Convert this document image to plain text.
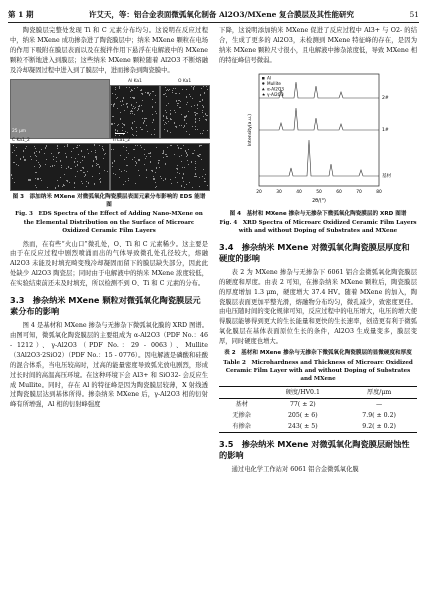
第 1 期	许艾天，等：铝合金表面微弧氧化制备 Al2O3/MXene 复合膜层及其性能研究	51

陶瓷膜层完整处发现 Ti 和 C 元素分布均匀。这说明在反应过程中，纳米 MXene 成功掺杂进了陶瓷膜层中；纳米 MXene 颗粒在电场的作用下吸附在膜层表面以及在搅拌作用下悬浮在电解液中的 MXene 颗粒不断地进入到膜层；这些纳米 MXene 颗粒随着 Al2O3 不断熔融及冷却凝固过程中进入到了膜层中，进而掺杂到陶瓷膜中。

Al Ka1	O Ka1
C Ka1_2	Ti La1_2
25 μm
图 3　添加纳米 MXene 对微弧氧化陶瓷膜层表面元素分布影响的 EDS 能谱图
Fig. 3　EDS Spectra of the Effect of Adding Nano-MXene on the Elemental Distribution on the Surface of Microarc Oxidized Ceramic Film Layers

然而，在有些“火山口”微孔处，O、Ti 和 C 元素稀少。这主要是由于在反应过程中剧烈喷涌而出的气体导致微孔处孔径较大，熔融 Al2O3 未能及时填充畸变残冷却凝固而留下的膜层缺失部分，因此此处缺少 Al2O3 陶瓷层；同时由于电解液中的纳米 MXene 浓度较低，在实验结束前还未及时填充，所以检测不到 O、Ti 和 C 元素的分布。

3.3　掺杂纳米 MXene 颗粒对微弧氧化陶瓷膜层元素分布的影响

图 4 是基材和 MXene 掺杂与无掺杂下微弧氧化膜的 XRD 图谱。由图可知，微弧氧化陶瓷膜层的主要组成为 α-Al2O3（PDF No.：46 - 1212）、γ-Al2O3（PDF No.：29 - 0063）、Mullite（3Al2O3·2SiO2）（PDF No.：15 - 0776）。因电解液是磷酸和硅酸的混合体系，当电压较高时，过高的能量密度导致弧光放电剧烈，形成过长时间的高温高压环境。在这种环境下会 Al3+ 和 SiO32- 会反应生成 Mullite。同时，存在 Al 的特征峰是因为陶瓷膜层较薄，X 射线透过陶瓷膜层达到基体所得。掺杂纳米 MXene 后，γ-Al2O3 相的衍射峰有所增强，Al 相的衍射峰强度

下降，这说明添加纳米 MXene 促进了反应过程中 Al3+ 与 O2- 的结合，生成了更多的 Al2O3，未检测到 MXene 特征峰的存在，是因为纳米 MXene 颗粒尺寸很小，且电解液中掺杂浓度低，导致 MXene 相的特征峰信号微弱。

Al
Mullite
α-Al2O3
★ γ-Al2O3
2#
1#
基材
Intensity(a.u.)
20	30	40	50	60	70	80
2θ/(°)
图 4　基材和 MXene 掺杂与无掺杂下微弧氧化陶瓷膜层的 XRD 图谱
Fig. 4　XRD Spectra of Microarc Oxidized Ceramic Film Layers with and without Doping of Substrates and MXene
3.4　掺杂纳米 MXene 对微弧氧化陶瓷膜层厚度和硬度的影响

表 2 为 MXene 掺杂与无掺杂下 6061 铝合金微弧氧化陶瓷膜层的硬度和厚度。由表 2 可知，在掺杂纳米 MXene 颗粒后，陶瓷膜层的厚度增加 1.3 μm，硬度增大 37.4 HV。随着 MXene 的加入，陶瓷膜层表面更加平整光滑，熔融物分布均匀，微孔减少，致密度更佳。由电压随时间的变化规律可知，反应过程中的电压增大，电压的增大使得膜层能够得到更大的生长能量和更快的生长速率，创造更有利于微弧氧化膜层在基体表面原位生长的条件，Al2O3 生成量变多，膜层变厚，同时硬度也增大。

表 2　基材和 MXene 掺杂与无掺杂下微弧氧化陶瓷膜层的显微硬度和厚度
Table 2　Microhardness and Thickness of Microarc Oxidized Ceramic Film Layer with and without Doping of Substrates and MXene
	硬度/HV0.1	厚度/μm
基材	77( ± 2)	—
无掺杂	205( ± 6)	7.9( ± 0.2)
有掺杂	243( ± 5)	9.2( ± 0.2)
3.5　掺杂纳米 MXene 对微弧氧化陶瓷膜层耐蚀性的影响

通过电化学工作站对 6061 铝合金微弧氧化膜
